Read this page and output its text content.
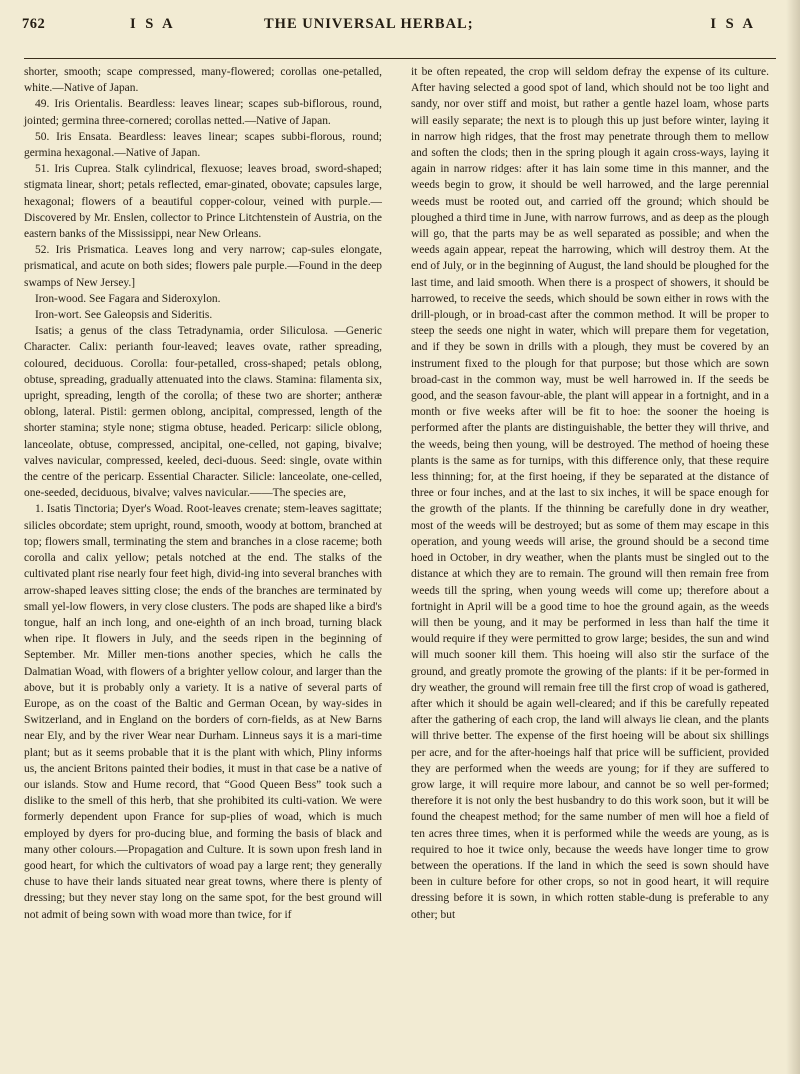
762	I S A	THE UNIVERSAL HERBAL;	I S A

shorter, smooth; scape compressed, many-flowered; corollas one-petalled, white.—Native of Japan.

49. Iris Orientalis. Beardless: leaves linear; scapes sub-biflorous, round, jointed; germina three-cornered; corollas netted.—Native of Japan.

50. Iris Ensata. Beardless: leaves linear; scapes subbi-florous, round; germina hexagonal.—Native of Japan.

51. Iris Cuprea. Stalk cylindrical, flexuose; leaves broad, sword-shaped; stigmata linear, short; petals reflected, emar-ginated, obovate; capsules large, hexagonal; flowers of a beautiful copper-colour, veined with purple.—Discovered by Mr. Enslen, collector to Prince Litchtenstein of Austria, on the eastern banks of the Mississippi, near New Orleans.

52. Iris Prismatica. Leaves long and very narrow; cap-sules elongate, prismatical, and acute on both sides; flowers pale purple.—Found in the deep swamps of New Jersey.]

Iron-wood. See Fagara and Sideroxylon.

Iron-wort. See Galeopsis and Sideritis.

Isatis; a genus of the class Tetradynamia, order Siliculosa. —Generic Character. Calix: perianth four-leaved; leaves ovate, rather spreading, coloured, deciduous. Corolla: four-petalled, cross-shaped; petals oblong, obtuse, spreading, gradually attenuated into the claws. Stamina: filamenta six, upright, spreading, length of the corolla; of these two are shorter; antheræ oblong, lateral. Pistil: germen oblong, ancipital, compressed, length of the shorter stamina; style none; stigma obtuse, headed. Pericarp: silicle oblong, lanceolate, obtuse, compressed, ancipital, one-celled, not gaping, bivalve; valves navicular, compressed, keeled, deci-duous. Seed: single, ovate within the centre of the pericarp. Essential Character. Silicle: lanceolate, one-celled, one-seeded, deciduous, bivalve; valves navicular.——The species are,

1. Isatis Tinctoria; Dyer's Woad. Root-leaves crenate; stem-leaves sagittate; silicles obcordate; stem upright, round, smooth, woody at bottom, branched at top; flowers small, terminating the stem and branches in a close raceme; both corolla and calix yellow; petals notched at the end. The stalks of the cultivated plant rise nearly four feet high, divid-ing into several branches with arrow-shaped leaves sitting close; the ends of the branches are terminated by small yel-low flowers, in very close clusters. The pods are shaped like a bird's tongue, half an inch long, and one-eighth of an inch broad, turning black when ripe. It flowers in July, and the seeds ripen in the beginning of September. Mr. Miller men-tions another species, which he calls the Dalmatian Woad, with flowers of a brighter yellow colour, and larger than the above, but it is probably only a variety. It is a native of several parts of Europe, as on the coast of the Baltic and German Ocean, by way-sides in Switzerland, and in England on the borders of corn-fields, as at New Barns near Ely, and by the river Wear near Durham. Linneus says it is a mari-time plant; but as it seems probable that it is the plant with which, Pliny informs us, the ancient Britons painted their bodies, it must in that case be a native of our islands. Stow and Hume record, that “Good Queen Bess” took such a dislike to the smell of this herb, that she prohibited its culti-vation. We were formerly dependent upon France for sup-plies of woad, which is much employed by dyers for pro-ducing blue, and forming the basis of black and many other colours.—Propagation and Culture. It is sown upon fresh land in good heart, for which the cultivators of woad pay a large rent; they generally chuse to have their lands situated near great towns, where there is plenty of dressing; but they never stay long on the same spot, for the best ground will not admit of being sown with woad more than twice, for if

it be often repeated, the crop will seldom defray the expense of its culture. After having selected a good spot of land, which should not be too light and sandy, nor over stiff and moist, but rather a gentle hazel loam, whose parts will easily separate; the next is to plough this up just before winter, laying it in narrow high ridges, that the frost may penetrate through them to mellow and soften the clods; then in the spring plough it again cross-ways, laying it again in narrow ridges: after it has lain some time in this manner, and the weeds begin to grow, it should be well harrowed, and the large perennial weeds must be rooted out, and carried off the ground; which should be ploughed a third time in June, with narrow furrows, and as deep as the plough will go, that the parts may be as well separated as possible; and when the weeds again appear, repeat the harrowing, which will destroy them. At the end of July, or in the beginning of August, the land should be ploughed for the last time, and laid smooth. When there is a prospect of showers, it should be harrowed, to receive the seeds, which should be sown either in rows with the drill-plough, or in broad-cast after the common method. It will be proper to steep the seeds one night in water, which will prepare them for vegetation, and if they be sown in drills with a plough, they must be covered by an instrument fixed to the plough for that purpose; but those which are sown broad-cast in the common way, must be well harrowed in. If the seeds be good, and the season favour-able, the plant will appear in a fortnight, and in a month or five weeks after will be fit to hoe: the sooner the hoeing is performed after the plants are distinguishable, the better they will thrive, and the weeds, being then young, will be destroyed. The method of hoeing these plants is the same as for turnips, with this difference only, that these require less thinning; for, at the first hoeing, if they be separated at the distance of three or four inches, and at the last to six inches, it will be space enough for the growth of the plants. If the thinning be carefully done in dry weather, most of the weeds will be destroyed; but as some of them may escape in this operation, and young weeds will arise, the ground should be a second time hoed in October, in dry weather, when the plants must be singled out to the distance at which they are to remain. The ground will then remain free from weeds till the spring, when young weeds will come up; therefore about a fortnight in April will be a good time to hoe the ground again, as the weeds will then be young, and it may be performed in less than half the time it would require if they were permitted to grow large; besides, the sun and wind will much sooner kill them. This hoeing will also stir the surface of the ground, and greatly promote the growing of the plants: if it be per-formed in dry weather, the ground will remain free till the first crop of woad is gathered, after which it should be again well-cleared; and if this be carefully repeated after the gathering of each crop, the land will always lie clean, and the plants will thrive better. The expense of the first hoeing will be about six shillings per acre, and for the after-hoeings half that price will be sufficient, provided they are performed when the weeds are young; for if they are suffered to grow large, it will require more labour, and cannot be so well per-formed; therefore it is not only the best husbandry to do this work soon, but it will be found the cheapest method; for the same number of men will hoe a field of ten acres three times, when it is performed while the weeds are young, as is required to hoe it twice only, because the weeds have longer time to grow between the operations. If the land in which the seed is sown should have been in culture before for other crops, so not in good heart, it will require dressing before it is sown, in which rotten stable-dung is preferable to any other; but
